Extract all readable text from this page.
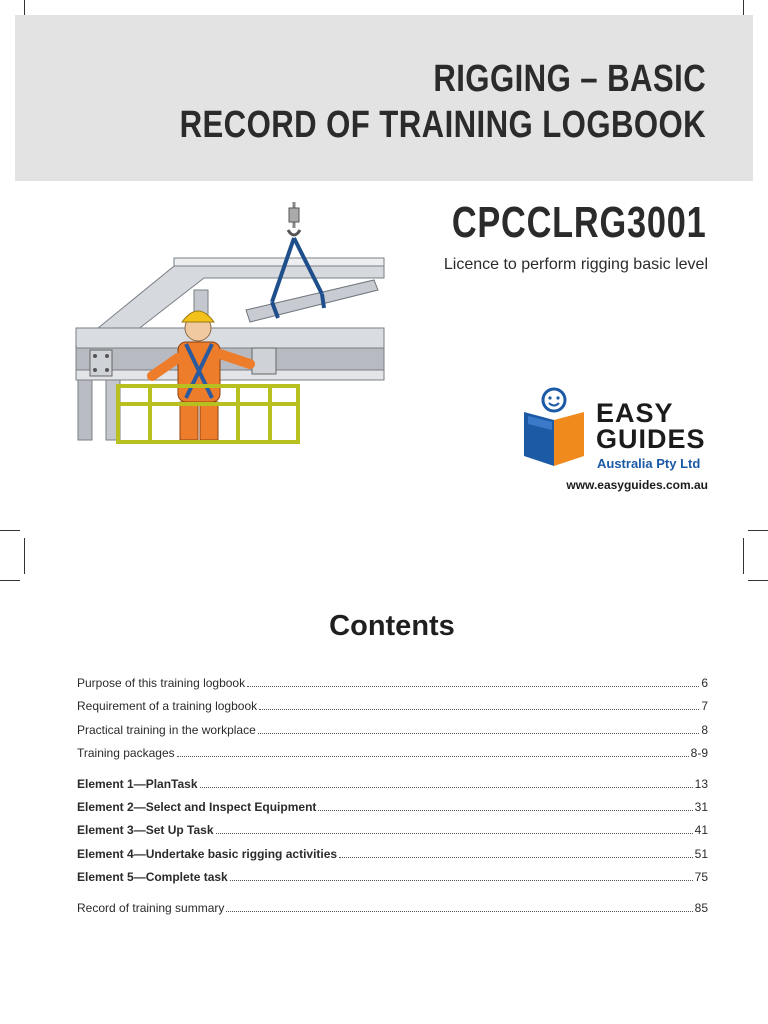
RIGGING – BASIC
RECORD OF TRAINING LOGBOOK
CPCCLRG3001
Licence to perform rigging basic level
EASY
GUIDES
Australia Pty Ltd
www.easyguides.com.au
Contents
Purpose of this training logbook	6
Requirement of a training logbook	7
Practical training in the workplace	8
Training packages	8-9
Element 1—PlanTask	13
Element 2—Select and Inspect Equipment	31
Element 3—Set Up Task	41
Element 4—Undertake basic rigging activities	51
Element 5—Complete task	75
Record of training summary	85
